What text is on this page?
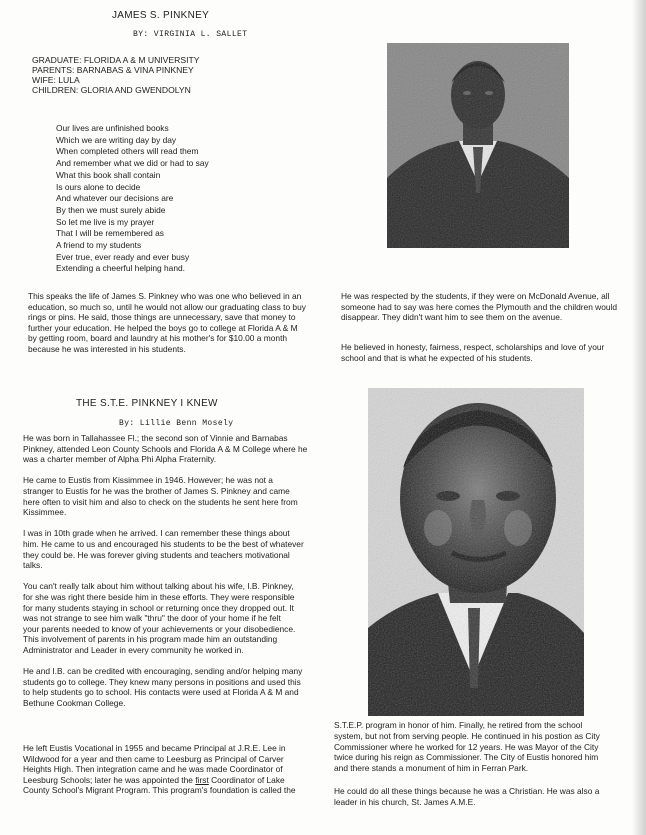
JAMES S. PINKNEY
BY: VIRGINIA L. SALLET
GRADUATE: FLORIDA A & M UNIVERSITY
PARENTS: BARNABAS & VINA PINKNEY
WIFE: LULA
CHILDREN: GLORIA AND GWENDOLYN
Our lives are unfinished books
Which we are writing day by day
When completed others will read them
And remember what we did or had to say
What this book shall contain
Is ours alone to decide
And whatever our decisions are
By then we must surely abide
So let me live is my prayer
That I will be remembered as
A friend to my students
Ever true, ever ready and ever busy
Extending a cheerful helping hand.
This speaks the life of James S. Pinkney who was one who believed in an
education, so much so, until he would not allow our graduating class to buy
rings or pins. He said, those things are unnecessary, save that money to
further your education. He helped the boys go to college at Florida A & M
by getting room, board and laundry at his mother's for $10.00 a month
because he was interested in his students.
He was respected by the students, if they were on McDonald Avenue, all
someone had to say was here comes the Plymouth and the children would
disappear. They didn't want him to see them on the avenue.
He believed in honesty, fairness, respect, scholarships and love of your
school and that is what he expected of his students.
THE S.T.E. PINKNEY I KNEW
By: Lillie Benn Mosely

He was born in Tallahassee Fl.; the second son of Vinnie and Barnabas
Pinkney, attended Leon County Schools and Florida A & M College where he
was a charter member of Alpha Phi Alpha Fraternity.

He came to Eustis from Kissimmee in 1946. However; he was not a
stranger to Eustis for he was the brother of James S. Pinkney and came
here often to visit him and also to check on the students he sent here from
Kissimmee.

I was in 10th grade when he arrived. I can remember these things about
him. He came to us and encouraged his students to be the best of whatever
they could be. He was forever giving students and teachers motivational
talks.

You can't really talk about him without talking about his wife, I.B. Pinkney,
for she was right there beside him in these efforts. They were responsible
for many students staying in school or returning once they dropped out. It
was not strange to see him walk "thru" the door of your home if he felt
your parents needed to know of your achievements or your disobedience.
This involvement of parents in his program made him an outstanding
Administrator and Leader in every community he worked in.

He and I.B. can be credited with encouraging, sending and/or helping many
students go to college. They knew many persons in positions and used this
to help students go to school. His contacts were used at Florida A & M and
Bethune Cookman College.

He left Eustis Vocational in 1955 and became Principal at J.R.E. Lee in
Wildwood for a year and then came to Leesburg as Principal of Carver
Heights High. Then integration came and he was made Coordinator of
Leesburg Schools; later he was appointed the first Coordinator of Lake
County School's Migrant Program. This program's foundation is called the
S.T.E.P. program in honor of him. Finally, he retired from the school
system, but not from serving people. He continued in his postion as City
Commissioner where he worked for 12 years. He was Mayor of the City
twice during his reign as Commissioner. The City of Eustis honored him
and there stands a monument of him in Ferran Park.
He could do all these things because he was a Christian. He was also a
leader in his church, St. James A.M.E.
